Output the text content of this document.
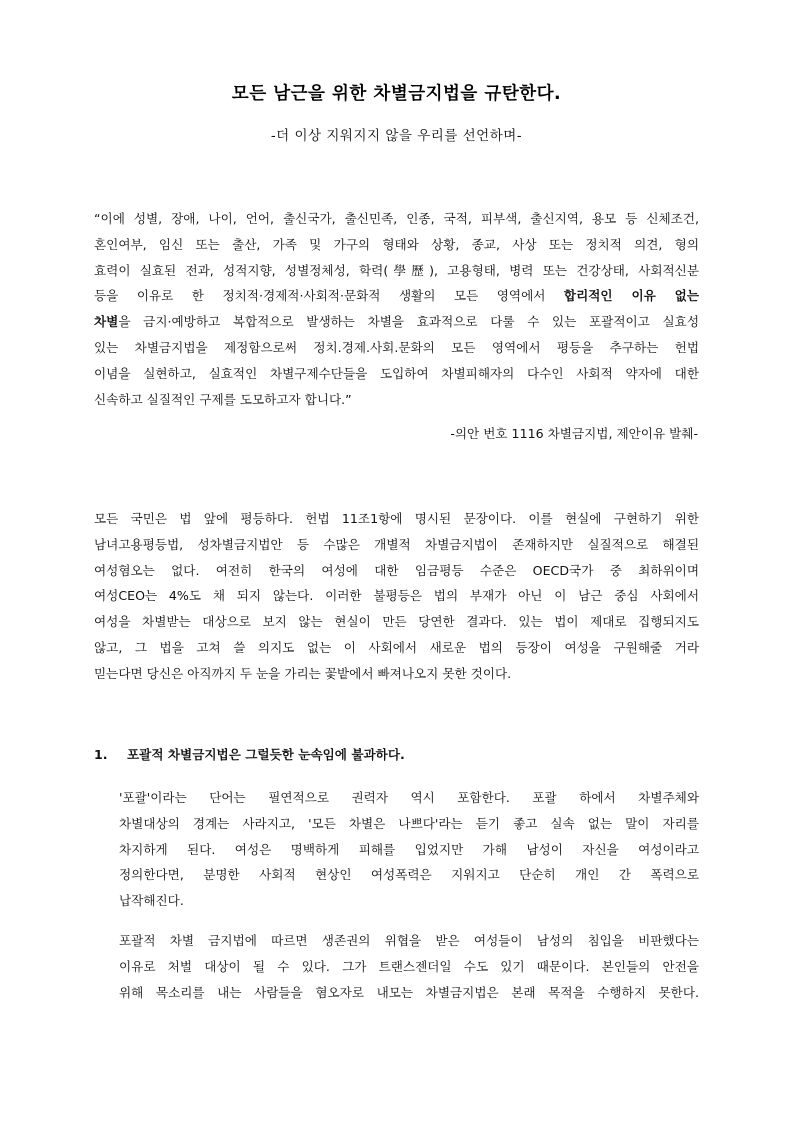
모든 남근을 위한 차별금지법을 규탄한다.
-더 이상 지워지지 않을 우리를 선언하며-
“이에 성별, 장애, 나이, 언어, 출신국가, 출신민족, 인종, 국적, 피부색, 출신지역, 용모 등 신체조건,
혼인여부, 임신 또는 출산, 가족 및 가구의 형태와 상황, 종교, 사상 또는 정치적 의견, 형의
효력이 실효된 전과, 성적지향, 성별정체성, 학력(學歷), 고용형태, 병력 또는 건강상태, 사회적신분
등을 이유로 한 정치적·경제적·사회적·문화적 생활의 모든 영역에서 합리적인 이유 없는
차별을 금지·예방하고 복합적으로 발생하는 차별을 효과적으로 다룰 수 있는 포괄적이고 실효성
있는 차별금지법을 제정함으로써 정치.경제.사회.문화의 모든 영역에서 평등을 추구하는 헌법
이념을 실현하고, 실효적인 차별구제수단들을 도입하여 차별피해자의 다수인 사회적 약자에 대한
신속하고 실질적인 구제를 도모하고자 합니다.”
-의안 번호 1116 차별금지법, 제안이유 발췌-
모든 국민은 법 앞에 평등하다. 헌법 11조1항에 명시된 문장이다. 이를 현실에 구현하기 위한
남녀고용평등법, 성차별금지법안 등 수많은 개별적 차별금지법이 존재하지만 실질적으로 해결된
여성혐오는 없다. 여전히 한국의 여성에 대한 임금평등 수준은 OECD국가 중 최하위이며
여성CEO는 4%도 채 되지 않는다. 이러한 불평등은 법의 부재가 아닌 이 남근 중심 사회에서
여성을 차별받는 대상으로 보지 않는 현실이 만든 당연한 결과다. 있는 법이 제대로 집행되지도
않고, 그 법을 고쳐 쓸 의지도 없는 이 사회에서 새로운 법의 등장이 여성을 구원해줄 거라
믿는다면 당신은 아직까지 두 눈을 가리는 꽃밭에서 빠져나오지 못한 것이다.
1. 포괄적 차별금지법은 그럴듯한 눈속임에 불과하다.
'포괄'이라는 단어는 필연적으로 권력자 역시 포함한다. 포괄 하에서 차별주체와
차별대상의 경계는 사라지고, '모든 차별은 나쁘다'라는 듣기 좋고 실속 없는 말이 자리를
차지하게 된다. 여성은 명백하게 피해를 입었지만 가해 남성이 자신을 여성이라고
정의한다면, 분명한 사회적 현상인 여성폭력은 지워지고 단순히 개인 간 폭력으로
납작해진다.
포괄적 차별 금지법에 따르면 생존권의 위협을 받은 여성들이 남성의 침입을 비판했다는
이유로 처벌 대상이 될 수 있다. 그가 트랜스젠더일 수도 있기 때문이다. 본인들의 안전을
위해 목소리를 내는 사람들을 혐오자로 내모는 차별금지법은 본래 목적을 수행하지 못한다.
